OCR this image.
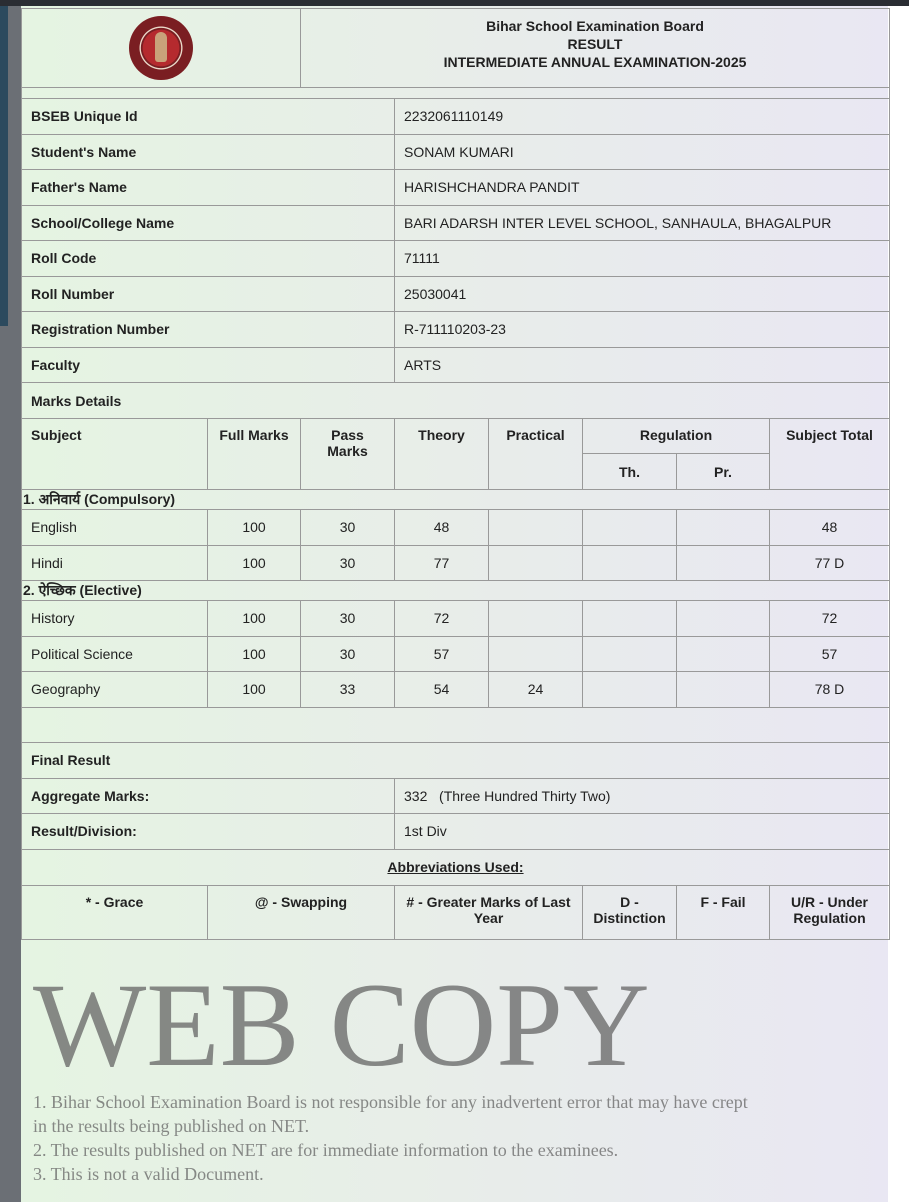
		Bihar School Examination Board
RESULT
INTERMEDIATE ANNUAL EXAMINATION-2025					

BSEB Unique Id			2232061110149				
Student's Name			SONAM KUMARI				
Father's Name			HARISHCHANDRA PANDIT				
School/College Name			BARI ADARSH INTER LEVEL SCHOOL, SANHAULA, BHAGALPUR				
Roll Code			71111				
Roll Number			25030041				
Registration Number			R-711110203-23				
Faculty			ARTS				
Marks Details							
Subject	Full Marks	Pass Marks	Theory	Practical	Regulation		Subject Total
					Th.	Pr.	
1. अनिवार्य (Compulsory)							
English	100	30	48				48
Hindi	100	30	77				77 D
2. ऐच्छिक (Elective)							
History	100	30	72				72
Political Science	100	30	57				57
Geography	100	33	54	24			78 D

Final Result							
Aggregate Marks:			332 (Three Hundred Thirty Two)				
Result/Division:			1st Div				
Abbreviations Used:							
* - Grace	@ - Swapping		# - Greater Marks of Last Year		D - Distinction	F - Fail	U/R - Under Regulation
WEB COPY
1. Bihar School Examination Board is not responsible for any inadvertent error that may have crept
in the results being published on NET.
2. The results published on NET are for immediate information to the examinees.
3. This is not a valid Document.
